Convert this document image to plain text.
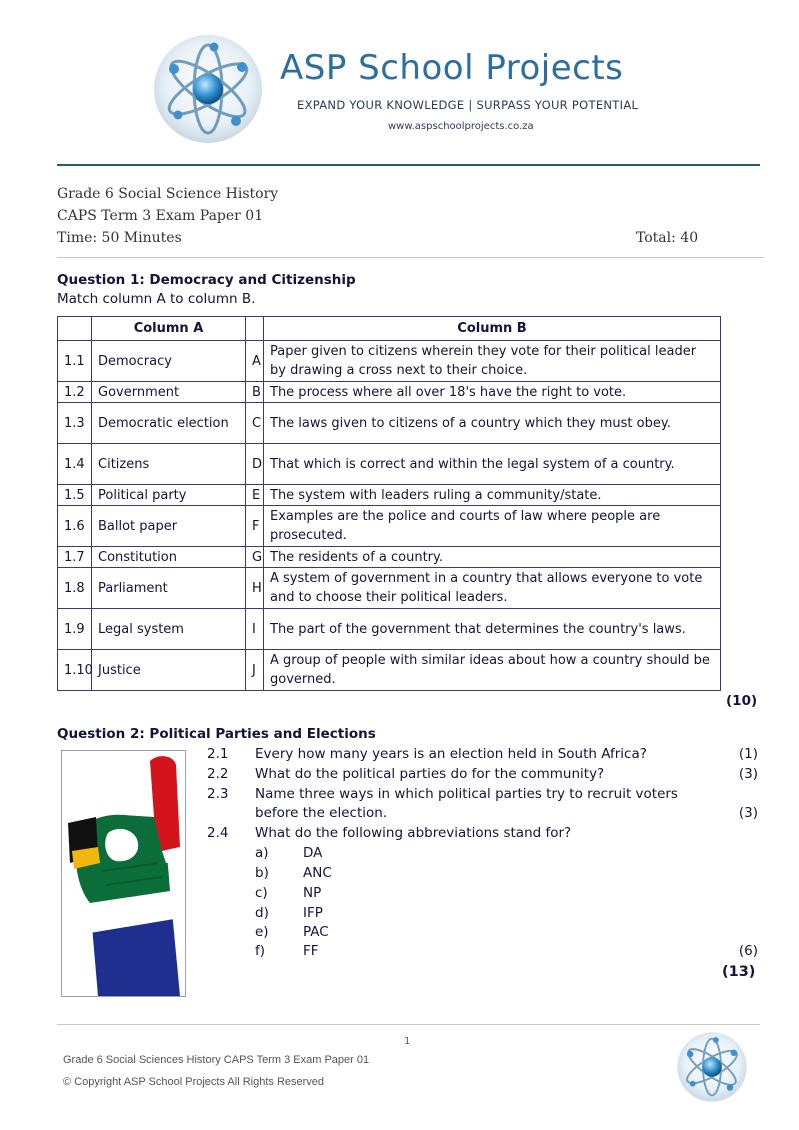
ASP School Projects
EXPAND YOUR KNOWLEDGE | SURPASS YOUR POTENTIAL
www.aspschoolprojects.co.za
Grade 6 Social Science History
CAPS Term 3 Exam Paper 01
Time: 50 Minutes	Total: 40
Question 1: Democracy and Citizenship
Match column A to column B.
	Column A		Column B
1.1	Democracy	A	Paper given to citizens wherein they vote for their political leader by drawing a cross next to their choice.
1.2	Government	B	The process where all over 18's have the right to vote.
1.3	Democratic election	C	The laws given to citizens of a country which they must obey.
1.4	Citizens	D	That which is correct and within the legal system of a country.
1.5	Political party	E	The system with leaders ruling a community/state.
1.6	Ballot paper	F	Examples are the police and courts of law where people are prosecuted.
1.7	Constitution	G	The residents of a country.
1.8	Parliament	H	A system of government in a country that allows everyone to vote and to choose their political leaders.
1.9	Legal system	I	The part of the government that determines the country's laws.
1.10	Justice	J	A group of people with similar ideas about how a country should be governed.
(10)
Question 2: Political Parties and Elections
2.1 Every how many years is an election held in South Africa?	(1)
2.2 What do the political parties do for the community?	(3)
2.3 Name three ways in which political parties try to recruit voters
before the election.	(3)
2.4 What do the following abbreviations stand for?
a)	DA
b)	ANC
c)	NP
d)	IFP
e)	PAC
f)	FF	(6)
(13)
1
Grade 6 Social Sciences History CAPS Term 3 Exam Paper 01
© Copyright ASP School Projects All Rights Reserved
